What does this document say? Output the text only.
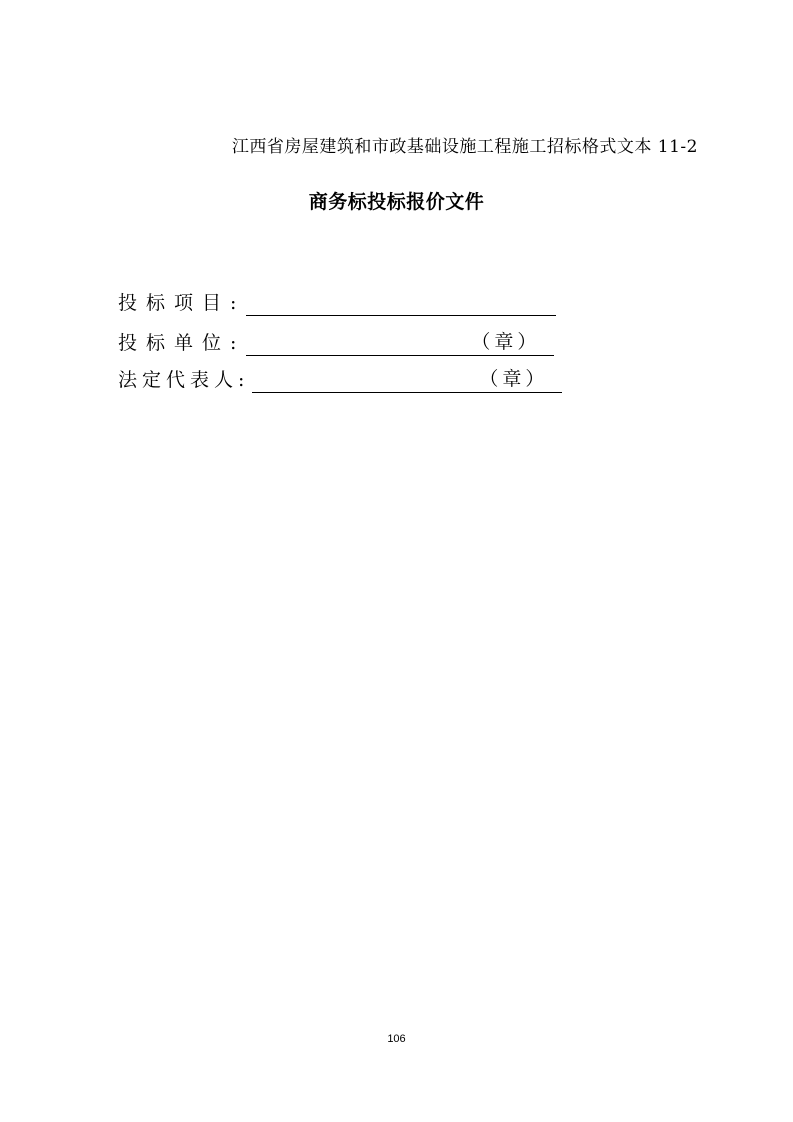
江西省房屋建筑和市政基础设施工程施工招标格式文本 11-2
商务标投标报价文件
投标项目 :
投标单位 :	（章）
法定代表人 :	（章）
106
